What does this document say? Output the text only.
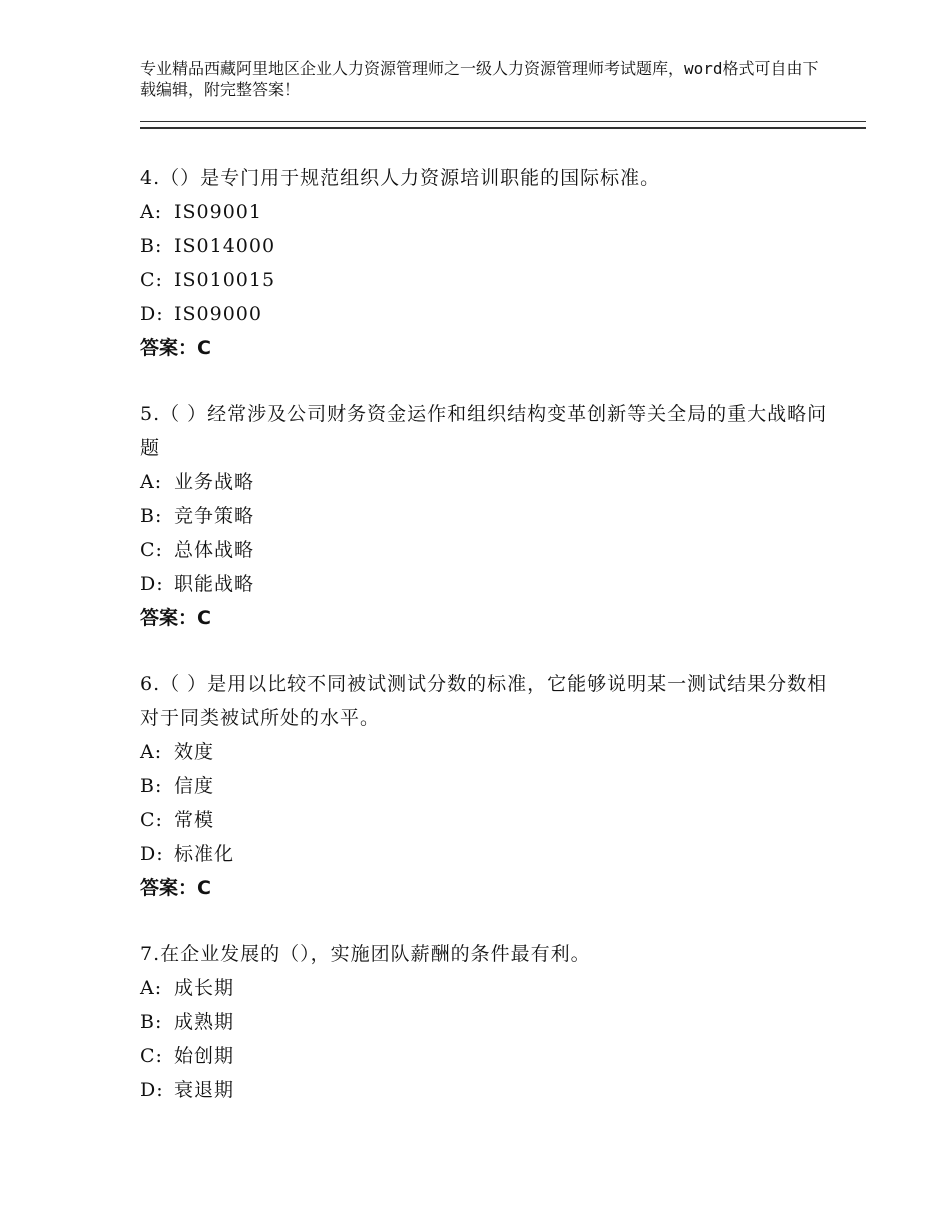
专业精品西藏阿里地区企业人力资源管理师之一级人力资源管理师考试题库，word格式可自由下载编辑，附完整答案！

4.（）是专门用于规范组织人力资源培训职能的国际标准。

A: IS09001

B: IS014000

C: IS010015

D: IS09000

答案：C

5.（ ）经常涉及公司财务资金运作和组织结构变革创新等关全局的重大战略问题

A: 业务战略

B: 竞争策略

C: 总体战略

D: 职能战略

答案：C

6.（ ）是用以比较不同被试测试分数的标准，它能够说明某一测试结果分数相对于同类被试所处的水平。

A: 效度

B: 信度

C: 常模

D: 标准化

答案：C

7.在企业发展的（），实施团队薪酬的条件最有利。

A: 成长期

B: 成熟期

C: 始创期

D: 衰退期
